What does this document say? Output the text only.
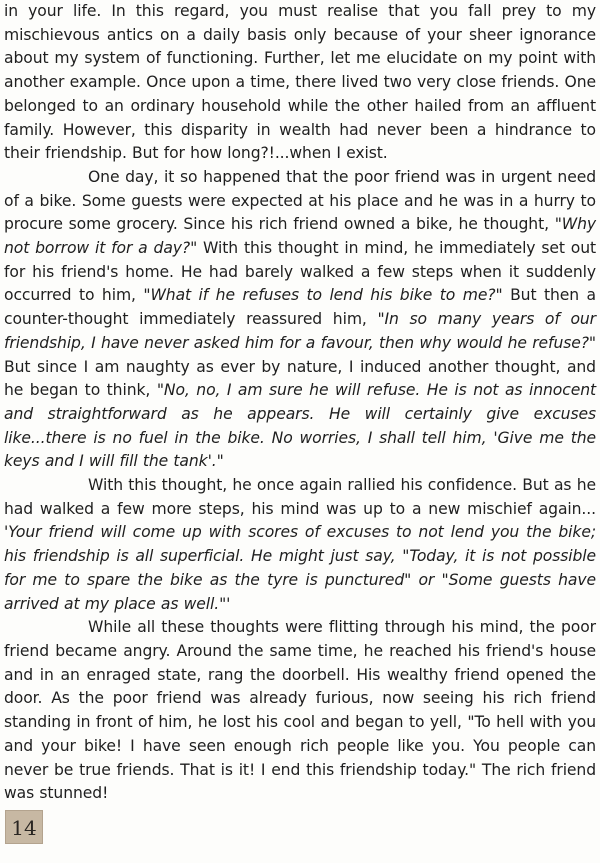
in your life. In this regard, you must realise that you fall prey to my mischievous antics on a daily basis only because of your sheer ignorance about my system of functioning. Further, let me elucidate on my point with another example. Once upon a time, there lived two very close friends. One belonged to an ordinary household while the other hailed from an affluent family. However, this disparity in wealth had never been a hindrance to their friendship. But for how long?!...when I exist.

One day, it so happened that the poor friend was in urgent need of a bike. Some guests were expected at his place and he was in a hurry to procure some grocery. Since his rich friend owned a bike, he thought, "Why not borrow it for a day?" With this thought in mind, he immediately set out for his friend's home. He had barely walked a few steps when it suddenly occurred to him, "What if he refuses to lend his bike to me?" But then a counter-thought immediately reassured him, "In so many years of our friendship, I have never asked him for a favour, then why would he refuse?" But since I am naughty as ever by nature, I induced another thought, and he began to think, "No, no, I am sure he will refuse. He is not as innocent and straightforward as he appears. He will certainly give excuses like...there is no fuel in the bike. No worries, I shall tell him, 'Give me the keys and I will fill the tank'."

With this thought, he once again rallied his confidence. But as he had walked a few more steps, his mind was up to a new mischief again... 'Your friend will come up with scores of excuses to not lend you the bike; his friendship is all superficial. He might just say, "Today, it is not possible for me to spare the bike as the tyre is punctured" or "Some guests have arrived at my place as well."'

While all these thoughts were flitting through his mind, the poor friend became angry. Around the same time, he reached his friend's house and in an enraged state, rang the doorbell. His wealthy friend opened the door. As the poor friend was already furious, now seeing his rich friend standing in front of him, he lost his cool and began to yell, "To hell with you and your bike! I have seen enough rich people like you. You people can never be true friends. That is it! I end this friendship today." The rich friend was stunned!

14
